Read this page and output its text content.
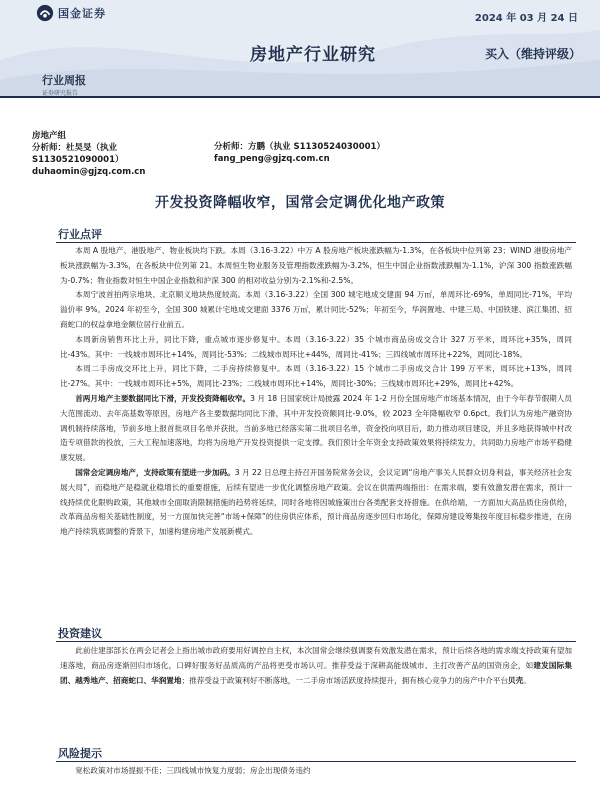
国金证券	2024 年 03 月 24 日
房地产行业研究	买入（维持评级）
行业周报
证券研究报告
房地产组
分析师：杜昊旻（执业
S1130521090001）
duhaomin@gjzq.com.cn
分析师：方鹏（执业 S1130524030001）
fang_peng@gjzq.com.cn
开发投资降幅收窄，国常会定调优化地产政策
行业点评

本周 A 股地产、港股地产、物业板块均下跌。本周（3.16-3.22）中万 A 股房地产板块涨跌幅为-1.3%，在各板块中位列第 23；WIND 港股房地产板块涨跌幅为-3.3%，在各板块中位列第 21。本周恒生物业服务及管理指数涨跌幅为-3.2%，恒生中国企业指数涨跌幅为-1.1%，沪深 300 指数涨跌幅为-0.7%；物业指数对恒生中国企业指数和沪深 300 的相对收益分别为-2.1%和-2.5%。

本周宁波首拍两宗地块、北京顺义地块热度较高。本周（3.16-3.22）全国 300 城宅地成交建面 94 万㎡，单周环比-69%，单周同比-71%，平均溢价率 9%。2024 年初至今，全国 300 城累计宅地成交建面 3376 万㎡，累计同比-52%；年初至今，华润置地、中建三局、中国铁建、滨江集团、招商蛇口的权益拿地金额位居行业前五。

本周新房销售环比上升，同比下降，重点城市逐步修复中。本周（3.16-3.22）35 个城市商品房成交合计 327 万平米，周环比+35%，周同比-43%。其中：一线城市周环比+14%，周同比-53%；二线城市周环比+44%，周同比-41%；三四线城市周环比+22%，周同比-18%。

本周二手房成交环比上升，同比下降，二手房持续修复中。本周（3.16-3.22）15 个城市二手房成交合计 199 万平米，周环比+13%，周同比-27%。其中：一线城市周环比+5%，周同比-23%；二线城市周环比+14%，周同比-30%；三线城市周环比+29%，周同比+42%。

首两月地产主要数据同比下滑，开发投资降幅收窄。3 月 18 日国家统计局披露 2024 年 1-2 月份全国房地产市场基本情况，由于今年春节假期人员大范围流动、去年高基数等原因，房地产各主要数据均同比下滑，其中开发投资额同比-9.0%，较 2023 全年降幅收窄 0.6pct。我们认为房地产融资协调机制持续落地，节前多地上报首批项目名单并获批，当前多地已经落实第二批项目名单，资金投向项目后，助力推动项目建设，并且多地获得城中村改造专项借款的投放，三大工程加速落地，均将为房地产开发投资提供一定支撑。我们预计全年资金支持政策效果将持续发力，共同助力房地产市场平稳健康发展。

国常会定调房地产，支持政策有望进一步加码。3 月 22 日总理主持召开国务院常务会议，会议定调“房地产事关人民群众切身利益，事关经济社会发展大局”，而稳地产是稳就业稳增长的重要措施，后续有望进一步优化调整房地产政策。会议在供需两端指出：在需求端，要有效激发潜在需求，预计一线持续优化限购政策，其他城市全面取消限制措施的趋势将延续，同时各地将因城施策出台各类配套支持措施。在供给端，一方面加大高品质住房供给，改革商品房相关基础性制度，另一方面加快完善“市场+保障”的住房供应体系，预计商品房逐步回归市场化，保障房建设筹集按年度目标稳步推进，在房地产持续筑底调整的背景下，加速构建房地产发展新模式。

投资建议

此前住建部部长在两会记者会上指出城市政府要用好调控自主权，本次国常会继续强调要有效激发潜在需求，预计后续各地的需求端支持政策有望加速落地，商品房逐渐回归市场化，口碑好服务好品质高的产品将更受市场认可。推荐受益于深耕高能级城市、主打改善产品的国资房企，如建发国际集团、越秀地产、招商蛇口、华润置地；推荐受益于政策利好不断落地，一二手房市场活跃度持续提升，拥有核心竞争力的房产中介平台贝壳。

风险提示

宽松政策对市场提振不佳；三四线城市恢复力度弱；房企出现债务违约
